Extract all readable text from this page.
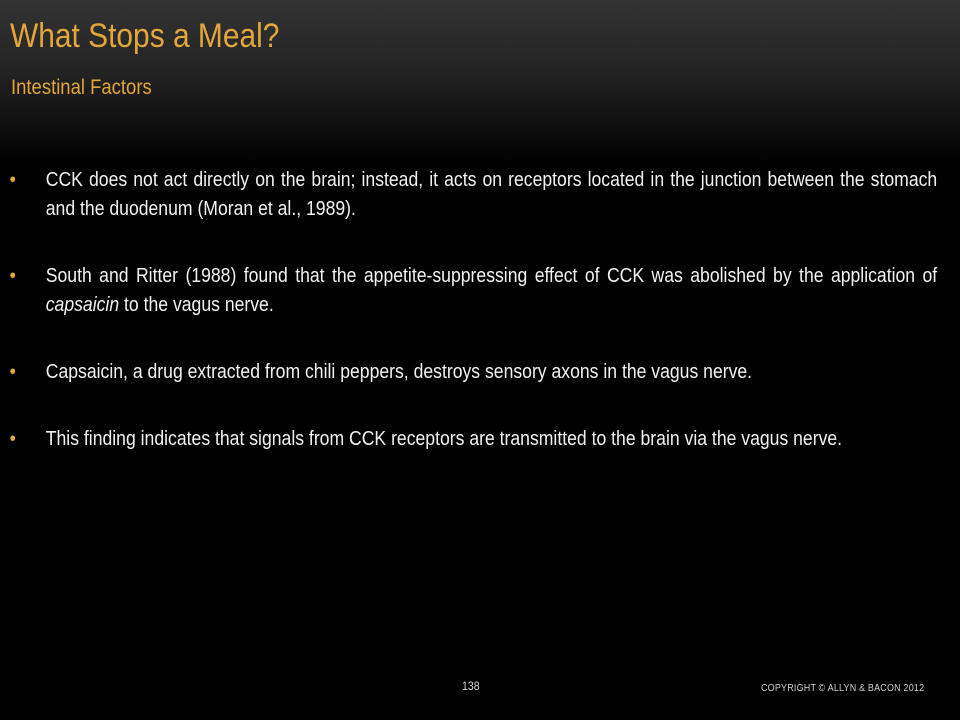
What Stops a Meal?
Intestinal Factors
• CCK does not act directly on the brain; instead, it acts on receptors located in the junction between the stomach and the duodenum (Moran et al., 1989).
• South and Ritter (1988) found that the appetite-suppressing effect of CCK was abolished by the application of capsaicin to the vagus nerve.
• Capsaicin, a drug extracted from chili peppers, destroys sensory axons in the vagus nerve.
• This finding indicates that signals from CCK receptors are transmitted to the brain via the vagus nerve.
138	COPYRIGHT © ALLYN & BACON 2012
